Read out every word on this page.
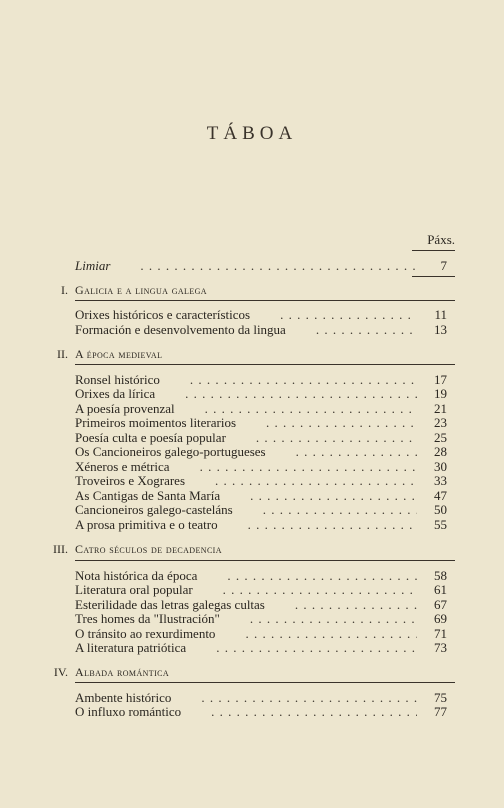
TÁBOA
Páxs.
Limiar . . .	7
I. Galicia e a lingua galega
Orixes históricos e característicos . . .	11
Formación e desenvolvemento da lingua . . .	13
II. A época medieval
Ronsel histórico . . .	17
Orixes da lírica . . .	19
A poesía provenzal . . .	21
Primeiros moimentos literarios . . .	23
Poesía culta e poesía popular . . .	25
Os Cancioneiros galego-portugueses . . .	28
Xéneros e métrica . . .	30
Troveiros e Xograres . . .	33
As Cantigas de Santa María . . .	47
Cancioneiros galego-casteláns . . .	50
A prosa primitiva e o teatro . . .	55
III. Catro séculos de decadencia
Nota histórica da época . . .	58
Literatura oral popular . . .	61
Esterilidade das letras galegas cultas . . .	67
Tres homes da "Ilustración" . . .	69
O tránsito ao rexurdimento . . .	71
A literatura patriótica . . .	73
IV. Albada romántica
Ambente histórico . . .	75
O influxo romántico . . .	77
